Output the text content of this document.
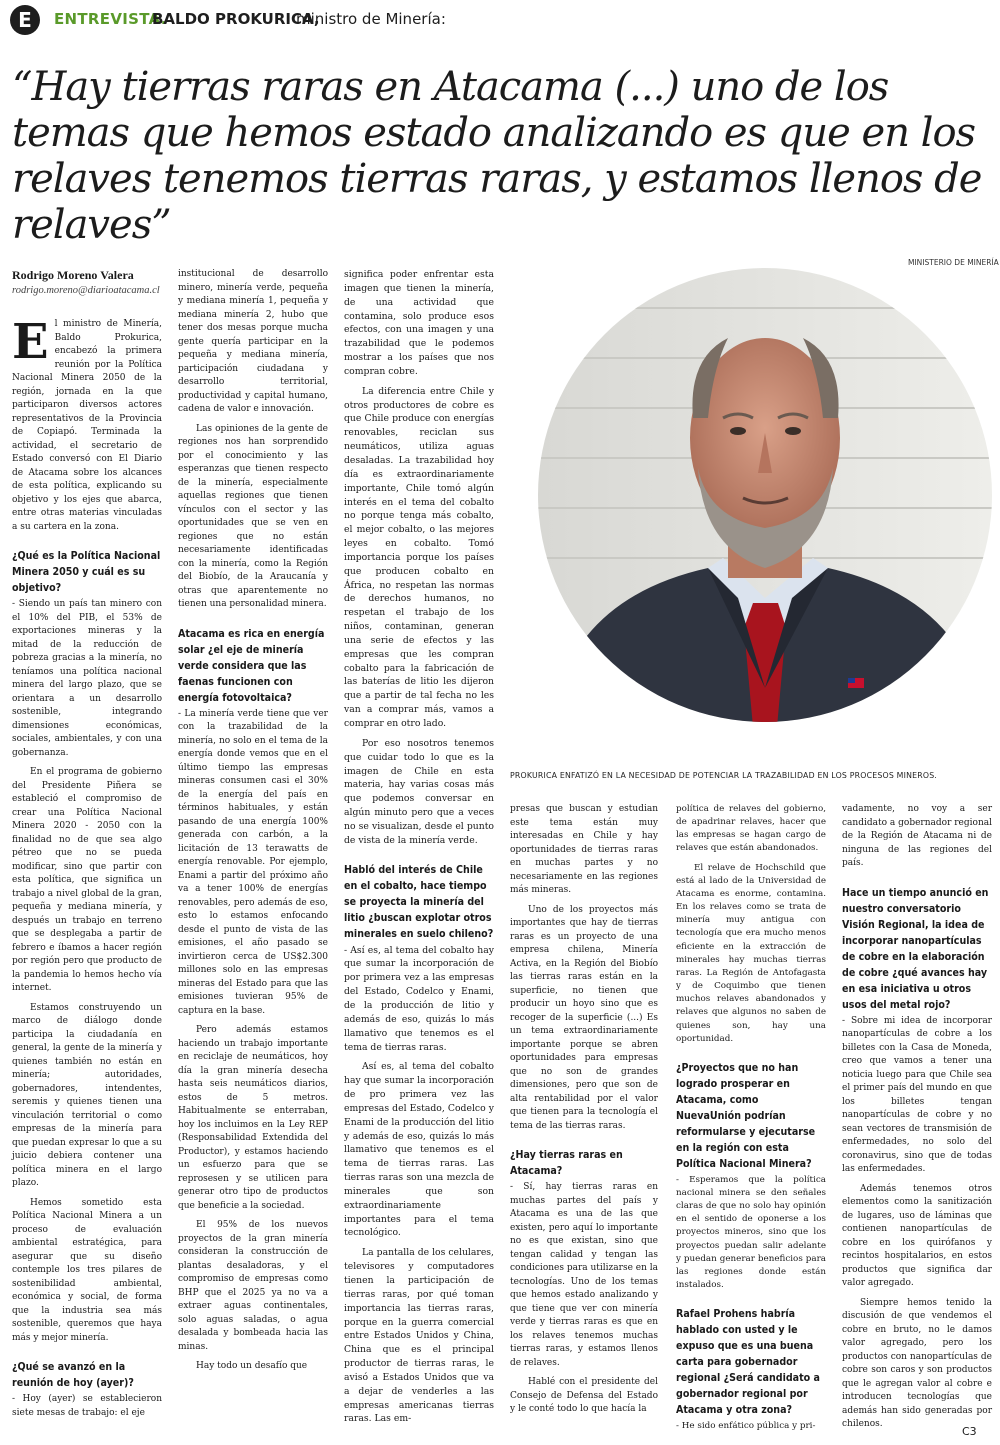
E	ENTREVISTA.
BALDO PROKURICA,
ministro de Minería:
“Hay tierras raras en Atacama (...) uno de los temas que hemos estado analizando es que en los relaves tenemos tierras raras, y estamos llenos de relaves”
Rodrigo Moreno Valera
rodrigo.moreno@diarioatacama.cl

El ministro de Minería, Baldo Prokurica, encabezó la primera reunión por la Política Nacional Minera 2050 de la región, jornada en la que participaron diversos actores representativos de la Provincia de Copiapó. Terminada la actividad, el secretario de Estado conversó con El Diario de Atacama sobre los alcances de esta política, explicando su objetivo y los ejes que abarca, entre otras materias vinculadas a su cartera en la zona.

¿Qué es la Política Nacional Minera 2050 y cuál es su objetivo?

- Siendo un país tan minero con el 10% del PIB, el 53% de exportaciones mineras y la mitad de la reducción de pobreza gracias a la minería, no teníamos una política nacional minera del largo plazo, que se orientara a un desarrollo sostenible, integrando dimensiones económicas, sociales, ambientales, y con una gobernanza.

En el programa de gobierno del Presidente Piñera se estableció el compromiso de crear una Política Nacional Minera 2020 - 2050 con la finalidad no de que sea algo pétreo que no se pueda modificar, sino que partir con esta política, que significa un trabajo a nivel global de la gran, pequeña y mediana minería, y después un trabajo en terreno que se desplegaba a partir de febrero e íbamos a hacer región por región pero que producto de la pandemia lo hemos hecho vía internet.

Estamos construyendo un marco de diálogo donde participa la ciudadanía en general, la gente de la minería y quienes también no están en minería; autoridades, gobernadores, intendentes, seremis y quienes tienen una vinculación territorial o como empresas de la minería para que puedan expresar lo que a su juicio debiera contener una política minera en el largo plazo.

Hemos sometido esta Política Nacional Minera a un proceso de evaluación ambiental estratégica, para asegurar que su diseño contemple los tres pilares de sostenibilidad ambiental, económica y social, de forma que la industria sea más sostenible, queremos que haya más y mejor minería.

¿Qué se avanzó en la reunión de hoy (ayer)?

- Hoy (ayer) se establecieron siete mesas de trabajo: el eje

institucional de desarrollo minero, minería verde, pequeña y mediana minería 1, pequeña y mediana minería 2, hubo que tener dos mesas porque mucha gente quería participar en la pequeña y mediana minería, participación ciudadana y desarrollo territorial, productividad y capital humano, cadena de valor e innovación.

Las opiniones de la gente de regiones nos han sorprendido por el conocimiento y las esperanzas que tienen respecto de la minería, especialmente aquellas regiones que tienen vínculos con el sector y las oportunidades que se ven en regiones que no están necesariamente identificadas con la minería, como la Región del Biobío, de la Araucanía y otras que aparentemente no tienen una personalidad minera.

Atacama es rica en energía solar ¿el eje de minería verde considera que las faenas funcionen con energía fotovoltaica?

- La minería verde tiene que ver con la trazabilidad de la minería, no solo en el tema de la energía donde vemos que en el último tiempo las empresas mineras consumen casi el 30% de la energía del país en términos habituales, y están pasando de una energía 100% generada con carbón, a la licitación de 13 terawatts de energía renovable. Por ejemplo, Enami a partir del próximo año va a tener 100% de energías renovables, pero además de eso, esto lo estamos enfocando desde el punto de vista de las emisiones, el año pasado se invirtieron cerca de US$2.300 millones solo en las empresas mineras del Estado para que las emisiones tuvieran 95% de captura en la base.

Pero además estamos haciendo un trabajo importante en reciclaje de neumáticos, hoy día la gran minería desecha hasta seis neumáticos diarios, estos de 5 metros. Habitualmente se enterraban, hoy los incluimos en la Ley REP (Responsabilidad Extendida del Productor), y estamos haciendo un esfuerzo para que se reprosesen y se utilicen para generar otro tipo de productos que beneficie a la sociedad.

El 95% de los nuevos proyectos de la gran minería consideran la construcción de plantas desaladoras, y el compromiso de empresas como BHP que el 2025 ya no va a extraer aguas continentales, solo aguas saladas, o agua desalada y bombeada hacia las minas.

Hay todo un desafío que

significa poder enfrentar esta imagen que tienen la minería, de una actividad que contamina, solo produce esos efectos, con una imagen y una trazabilidad que le podemos mostrar a los países que nos compran cobre.

La diferencia entre Chile y otros productores de cobre es que Chile produce con energías renovables, reciclan sus neumáticos, utiliza aguas desaladas. La trazabilidad hoy día es extraordinariamente importante, Chile tomó algún interés en el tema del cobalto no porque tenga más cobalto, el mejor cobalto, o las mejores leyes en cobalto. Tomó importancia porque los países que producen cobalto en África, no respetan las normas de derechos humanos, no respetan el trabajo de los niños, contaminan, generan una serie de efectos y las empresas que les compran cobalto para la fabricación de las baterías de litio les dijeron que a partir de tal fecha no les van a comprar más, vamos a comprar en otro lado.

Por eso nosotros tenemos que cuidar todo lo que es la imagen de Chile en esta materia, hay varias cosas más que podemos conversar en algún minuto pero que a veces no se visualizan, desde el punto de vista de la minería verde.

Habló del interés de Chile en el cobalto, hace tiempo se proyecta la minería del litio ¿buscan explotar otros minerales en suelo chileno?

- Así es, al tema del cobalto hay que sumar la incorporación de por primera vez a las empresas del Estado, Codelco y Enami, de la producción de litio y además de eso, quizás lo más llamativo que tenemos es el tema de tierras raras.

Así es, al tema del cobalto hay que sumar la incorporación de pro primera vez las empresas del Estado, Codelco y Enami de la producción del litio y además de eso, quizás lo más llamativo que tenemos es el tema de tierras raras. Las tierras raras son una mezcla de minerales que son extraordinariamente importantes para el tema tecnológico.

La pantalla de los celulares, televisores y computadores tienen la participación de tierras raras, por qué toman importancia las tierras raras, porque en la guerra comercial entre Estados Unidos y China, China que es el principal productor de tierras raras, le avisó a Estados Unidos que va a dejar de venderles a las empresas americanas tierras raras. Las em-

MINISTERIO DE MINERÍA
PROKURICA ENFATIZÓ EN LA NECESIDAD DE POTENCIAR LA TRAZABILIDAD EN LOS PROCESOS MINEROS.

presas que buscan y estudian este tema están muy interesadas en Chile y hay oportunidades de tierras raras en muchas partes y no necesariamente en las regiones más mineras.

Uno de los proyectos más importantes que hay de tierras raras es un proyecto de una empresa chilena, Minería Activa, en la Región del Biobío las tierras raras están en la superficie, no tienen que producir un hoyo sino que es recoger de la superficie (...) Es un tema extraordinariamente importante porque se abren oportunidades para empresas que no son de grandes dimensiones, pero que son de alta rentabilidad por el valor que tienen para la tecnología el tema de las tierras raras.

¿Hay tierras raras en Atacama?

- Sí, hay tierras raras en muchas partes del país y Atacama es una de las que existen, pero aquí lo importante no es que existan, sino que tengan calidad y tengan las condiciones para utilizarse en la tecnologías. Uno de los temas que hemos estado analizando y que tiene que ver con minería verde y tierras raras es que en los relaves tenemos muchas tierras raras, y estamos llenos de relaves.

Hablé con el presidente del Consejo de Defensa del Estado y le conté todo lo que hacía la

política de relaves del gobierno, de apadrinar relaves, hacer que las empresas se hagan cargo de relaves que están abandonados.

El relave de Hochschild que está al lado de la Universidad de Atacama es enorme, contamina. En los relaves como se trata de minería muy antigua con tecnología que era mucho menos eficiente en la extracción de minerales hay muchas tierras raras. La Región de Antofagasta y de Coquimbo que tienen muchos relaves abandonados y relaves que algunos no saben de quienes son, hay una oportunidad.

¿Proyectos que no han logrado prosperar en Atacama, como NuevaUnión podrían reformularse y ejecutarse en la región con esta Política Nacional Minera?

- Esperamos que la política nacional minera se den señales claras de que no solo hay opinión en el sentido de oponerse a los proyectos mineros, sino que los proyectos puedan salir adelante y puedan generar beneficios para las regiones donde están instalados.

Rafael Prohens habría hablado con usted y le expuso que es una buena carta para gobernador regional ¿Será candidato a gobernador regional por Atacama y otra zona?

- He sido enfático pública y pri-

vadamente, no voy a ser candidato a gobernador regional de la Región de Atacama ni de ninguna de las regiones del país.

Hace un tiempo anunció en nuestro conversatorio Visión Regional, la idea de incorporar nanopartículas de cobre en la elaboración de cobre ¿qué avances hay en esa iniciativa u otros usos del metal rojo?

- Sobre mi idea de incorporar nanopartículas de cobre a los billetes con la Casa de Moneda, creo que vamos a tener una noticia luego para que Chile sea el primer país del mundo en que los billetes tengan nanopartículas de cobre y no sean vectores de transmisión de enfermedades, no solo del coronavirus, sino que de todas las enfermedades.

Además tenemos otros elementos como la sanitización de lugares, uso de láminas que contienen nanopartículas de cobre en los quirófanos y recintos hospitalarios, en estos productos que significa dar valor agregado.

Siempre hemos tenido la discusión de que vendemos el cobre en bruto, no le damos valor agregado, pero los productos con nanopartículas de cobre son caros y son productos que le agregan valor al cobre e introducen tecnologías que además han sido generadas por chilenos.

C3
